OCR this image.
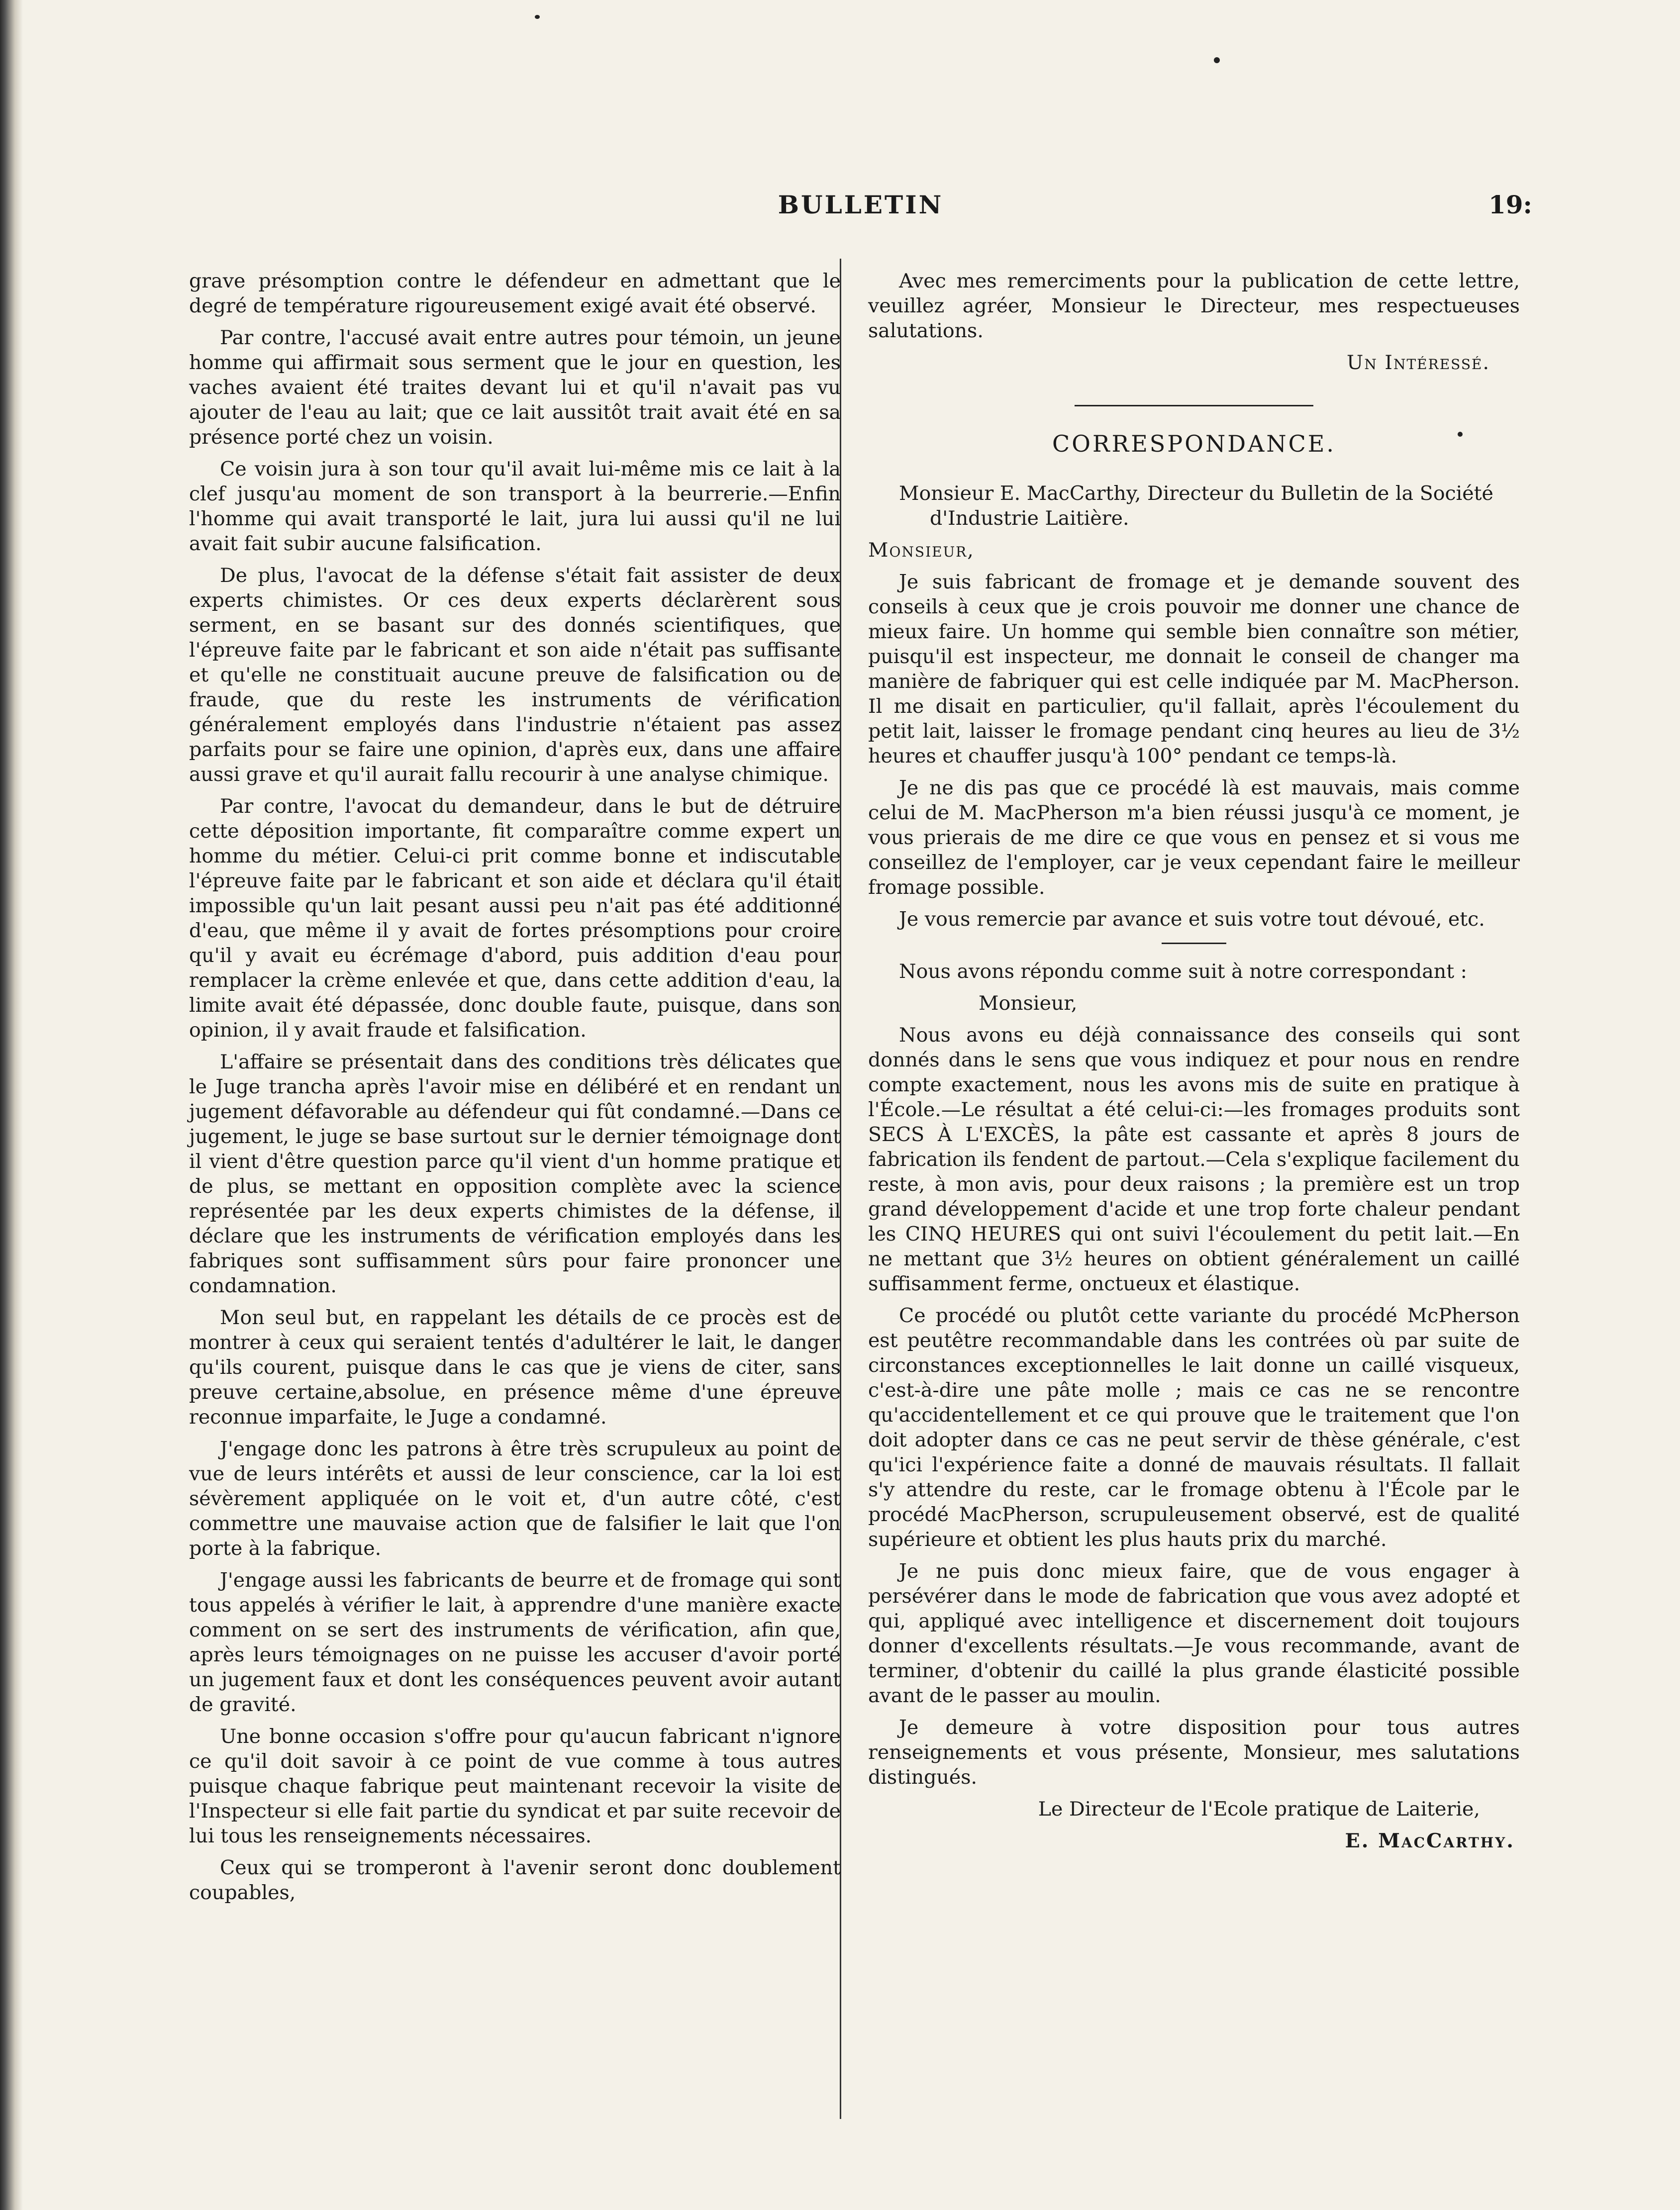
BULLETIN	19:

grave présomption contre le défendeur en admettant que le degré de température rigoureusement exigé avait été observé.

Par contre, l'accusé avait entre autres pour témoin, un jeune homme qui affirmait sous serment que le jour en question, les vaches avaient été traites devant lui et qu'il n'avait pas vu ajouter de l'eau au lait; que ce lait aussitôt trait avait été en sa présence porté chez un voisin.

Ce voisin jura à son tour qu'il avait lui-même mis ce lait à la clef jusqu'au moment de son transport à la beurrerie.—Enfin l'homme qui avait transporté le lait, jura lui aussi qu'il ne lui avait fait subir aucune falsification.

De plus, l'avocat de la défense s'était fait assister de deux experts chimistes. Or ces deux experts déclarèrent sous serment, en se basant sur des donnés scientifiques, que l'épreuve faite par le fabricant et son aide n'était pas suffisante et qu'elle ne constituait aucune preuve de falsification ou de fraude, que du reste les instruments de vérification généralement employés dans l'industrie n'étaient pas assez parfaits pour se faire une opinion, d'après eux, dans une affaire aussi grave et qu'il aurait fallu recourir à une analyse chimique.

Par contre, l'avocat du demandeur, dans le but de détruire cette déposition importante, fit comparaître comme expert un homme du métier. Celui-ci prit comme bonne et indiscutable l'épreuve faite par le fabricant et son aide et déclara qu'il était impossible qu'un lait pesant aussi peu n'ait pas été additionné d'eau, que même il y avait de fortes présomptions pour croire qu'il y avait eu écrémage d'abord, puis addition d'eau pour remplacer la crème enlevée et que, dans cette addition d'eau, la limite avait été dépassée, donc double faute, puisque, dans son opinion, il y avait fraude et falsification.

L'affaire se présentait dans des conditions très délicates que le Juge trancha après l'avoir mise en délibéré et en rendant un jugement défavorable au défendeur qui fût condamné.—Dans ce jugement, le juge se base surtout sur le dernier témoignage dont il vient d'être question parce qu'il vient d'un homme pratique et de plus, se mettant en opposition complète avec la science représentée par les deux experts chimistes de la défense, il déclare que les instruments de vérification employés dans les fabriques sont suffisamment sûrs pour faire prononcer une condamnation.

Mon seul but, en rappelant les détails de ce procès est de montrer à ceux qui seraient tentés d'adultérer le lait, le danger qu'ils courent, puisque dans le cas que je viens de citer, sans preuve certaine,absolue, en présence même d'une épreuve reconnue imparfaite, le Juge a condamné.

J'engage donc les patrons à être très scrupuleux au point de vue de leurs intérêts et aussi de leur conscience, car la loi est sévèrement appliquée on le voit et, d'un autre côté, c'est commettre une mauvaise action que de falsifier le lait que l'on porte à la fabrique.

J'engage aussi les fabricants de beurre et de fromage qui sont tous appelés à vérifier le lait, à apprendre d'une manière exacte comment on se sert des instruments de vérification, afin que, après leurs témoignages on ne puisse les accuser d'avoir porté un jugement faux et dont les conséquences peuvent avoir autant de gravité.

Une bonne occasion s'offre pour qu'aucun fabricant n'ignore ce qu'il doit savoir à ce point de vue comme à tous autres puisque chaque fabrique peut maintenant recevoir la visite de l'Inspecteur si elle fait partie du syndicat et par suite recevoir de lui tous les renseignements nécessaires.

Ceux qui se tromperont à l'avenir seront donc doublement coupables,

Avec mes remerciments pour la publication de cette lettre, veuillez agréer, Monsieur le Directeur, mes respectueuses salutations.

Un Intéressé.

CORRESPONDANCE.

Monsieur E. MacCarthy, Directeur du Bulletin de la Société
d'Industrie Laitière.

Monsieur,

Je suis fabricant de fromage et je demande souvent des conseils à ceux que je crois pouvoir me donner une chance de mieux faire. Un homme qui semble bien connaître son métier, puisqu'il est inspecteur, me donnait le conseil de changer ma manière de fabriquer qui est celle indiquée par M. MacPherson. Il me disait en particulier, qu'il fallait, après l'écoulement du petit lait, laisser le fromage pendant cinq heures au lieu de 3½ heures et chauffer jusqu'à 100° pendant ce temps-là.

Je ne dis pas que ce procédé là est mauvais, mais comme celui de M. MacPherson m'a bien réussi jusqu'à ce moment, je vous prierais de me dire ce que vous en pensez et si vous me conseillez de l'employer, car je veux cependant faire le meilleur fromage possible.

Je vous remercie par avance et suis votre tout dévoué, etc.

Nous avons répondu comme suit à notre correspondant :

Monsieur,

Nous avons eu déjà connaissance des conseils qui sont donnés dans le sens que vous indiquez et pour nous en rendre compte exactement, nous les avons mis de suite en pratique à l'École.—Le résultat a été celui-ci:—les fromages produits sont SECS À L'EXCÈS, la pâte est cassante et après 8 jours de fabrication ils fendent de partout.—Cela s'explique facilement du reste, à mon avis, pour deux raisons ; la première est un trop grand développement d'acide et une trop forte chaleur pendant les CINQ HEURES qui ont suivi l'écoulement du petit lait.—En ne mettant que 3½ heures on obtient généralement un caillé suffisamment ferme, onctueux et élastique.

Ce procédé ou plutôt cette variante du procédé McPherson est peutêtre recommandable dans les contrées où par suite de circonstances exceptionnelles le lait donne un caillé visqueux, c'est-à-dire une pâte molle ; mais ce cas ne se rencontre qu'accidentellement et ce qui prouve que le traitement que l'on doit adopter dans ce cas ne peut servir de thèse générale, c'est qu'ici l'expérience faite a donné de mauvais résultats. Il fallait s'y attendre du reste, car le fromage obtenu à l'École par le procédé MacPherson, scrupuleusement observé, est de qualité supérieure et obtient les plus hauts prix du marché.

Je ne puis donc mieux faire, que de vous engager à persévérer dans le mode de fabrication que vous avez adopté et qui, appliqué avec intelligence et discernement doit toujours donner d'excellents résultats.—Je vous recommande, avant de terminer, d'obtenir du caillé la plus grande élasticité possible avant de le passer au moulin.

Je demeure à votre disposition pour tous autres renseignements et vous présente, Monsieur, mes salutations distingués.

Le Directeur de l'Ecole pratique de Laiterie,

E. MacCarthy.
